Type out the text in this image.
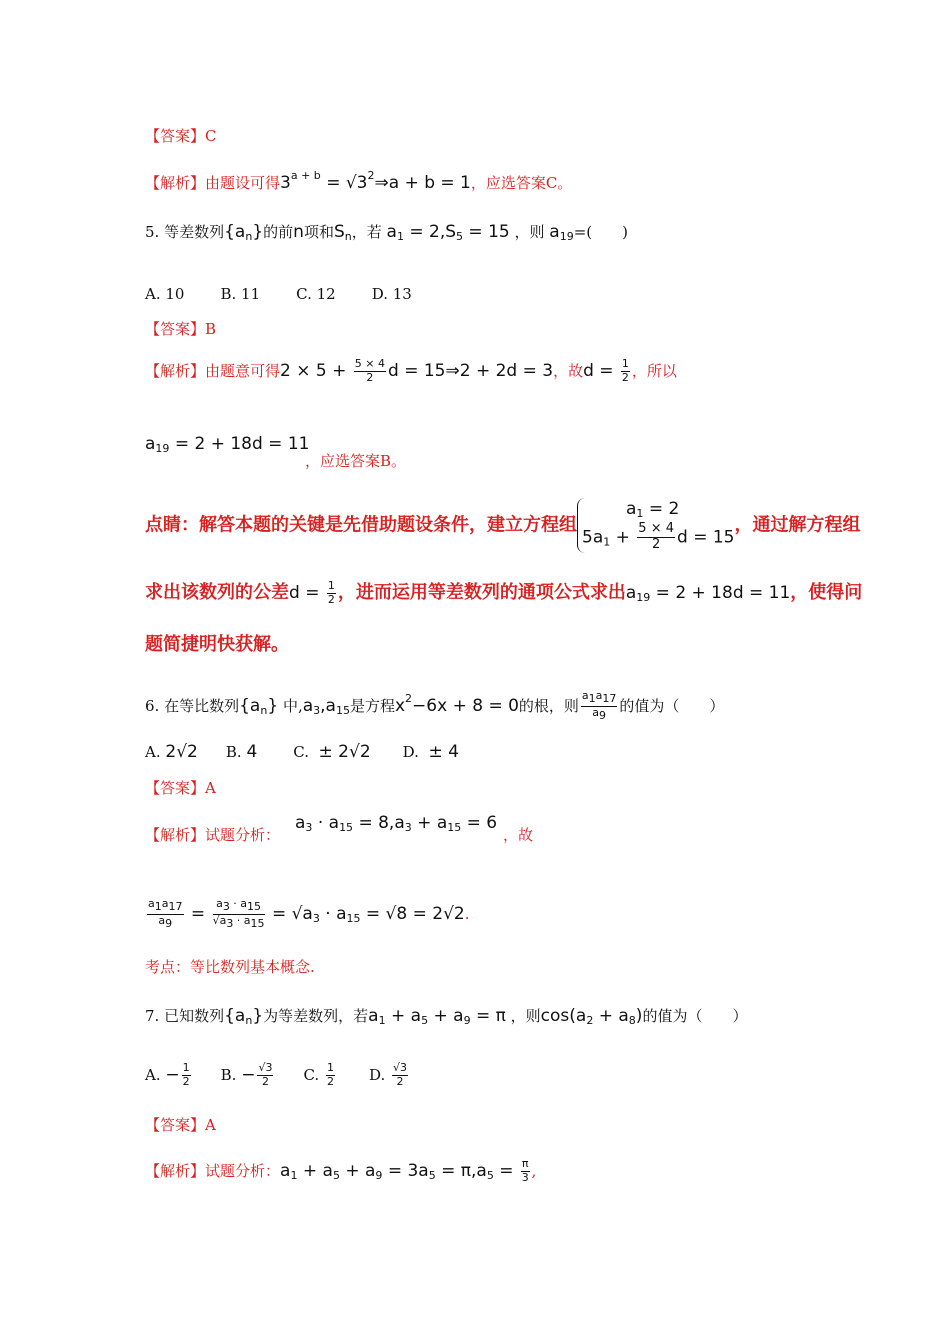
【答案】C
【解析】由题设可得$3^{a + b}$ = $√3^2\Rightarrow a + b = 1$，应选答案C。
5. 等差数列$\{a_n\}$的前n项和$S_n$，若 $a_1 = 2,S_5 = 15$ ，则 $a_{19}=$(　　)
A. 10 B. 11 C. 12 D. 13
【答案】B
【解析】由题意可得$2 \times 5 + \frac{5 \times 4}{2}$ d = 15⇒2 + 2d = 3，故$d = \frac{1}{2}$ ，所以
$a_{19} = 2 + 18d = 11$
，应选答案B。
点睛：解答本题的关键是先借助题设条件，建立方程组
$a_1 = 2$
$5a_1 + \frac{5 \times 4}{2}$ d = 15
，通过解方程组
求出该数列的公差$d = \frac{1}{2}$ ，进而运用等差数列的通项公式求出$a_{19} = 2 + 18d = 11$，使得问
题简捷明快获解。
6. 在等比数列$\{a_n\}$ 中$,a_3,a_{15}$是方程$x^2-6x + 8 = 0$的根，则 $\frac{a_1a_{17}}{a_9}$ 的值为（　　）
A. 2√2 B. 4 C. ± 2√2 D. ± 4
【答案】A
【解析】试题分析：
$a_3 \cdot a_{15} = 8,a_3 + a_{15} = 6$
，故
$\frac{a_1a_{17}}{a_9} = \frac{a_3 \cdot a_{15}}{√a_3 \cdot a_{15}} = √a_3 \cdot a_{15} = √8 = 2√2$.
考点：等比数列基本概念.
7. 已知数列$\{a_n\}$为等差数列，若$a_1 + a_5 + a_9 = \pi$ ，则$\cos(a_2 + a_8)$的值为（　　）
A. − $\frac{1}{2} B$. − $\frac{√3}{2} C$. $\frac{1}{2} D$. $\frac{√3}{2}$
【答案】A
【解析】试题分析：$a_1 + a_5 + a_9 = 3a_5 = \pi,a_5 = \frac{\pi}{3}$ ,
